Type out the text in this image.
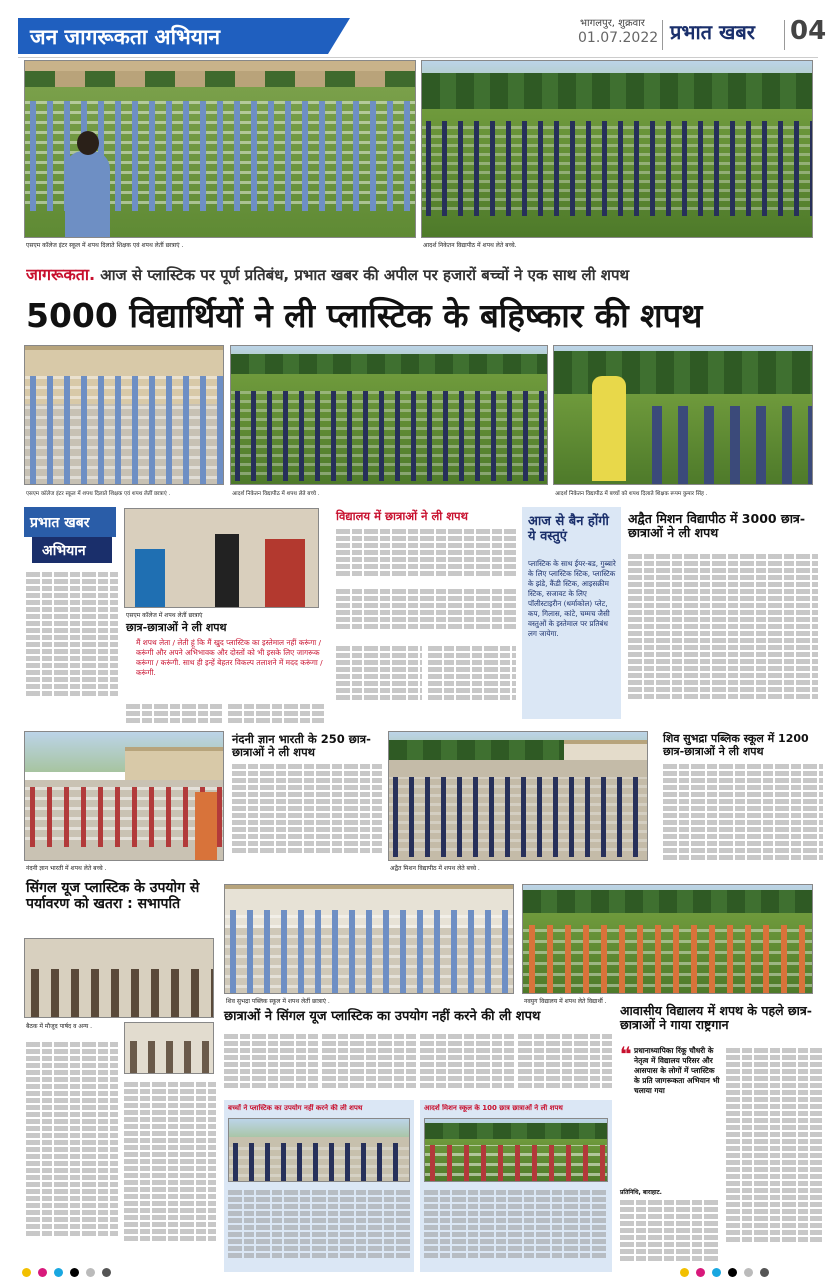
जन जागरूकता अभियान
भागलपुर, शुक्रवार
01.07.2022 प्रभात खबर 04
एसएम कॉलेज इंटर स्कूल में शपथ दिलाते शिक्षक एवं शपथ लेतीं छात्राएं .	आदर्श निकेतन विद्यापीठ में शपथ लेते बच्चे.
जागरूकता. आज से प्लास्टिक पर पूर्ण प्रतिबंध, प्रभात खबर की अपील पर हजारों बच्चों ने एक साथ ली शपथ
5000 विद्यार्थियों ने ली प्लास्टिक के बहिष्कार की शपथ
एसएम कॉलेज इंटर स्कूल में शपथ दिलाते शिक्षक एवं शपथ लेतीं छात्राएं .	आदर्श निकेतन विद्यापीठ में शपथ लेते बच्चे .	आदर्श निकेतन विद्यापीठ में बच्चों को शपथ दिलाते शिक्षक रूपम कुमार सिंह .
प्रभात खबर
अभियान
एसएम कॉलेज में शपथ लेतीं छात्राएं
छात्र-छात्राओं ने ली शपथ
मैं शपथ लेता / लेती हूं कि मैं खुद प्लास्टिक का इस्तेमाल नहीं करूंगा / करूंगी और अपने अभिभावक और दोस्तों को भी इसके लिए जागरूक करूंगा / करूंगी. साथ ही इन्हें बेहतर विकल्प तलाशने में मदद करूंगा / करूंगी.
विद्यालय में छात्राओं ने ली शपथ	आज से बैन होंगी ये वस्तुएं
प्लास्टिक के साथ ईयर-बड, गुब्बारे के लिए प्लास्टिक स्टिक, प्लास्टिक के झंडे, कैंडी स्टिक, आइसक्रीम स्टिक, सजावट के लिए पॉलीस्टाइरीन (थर्माकोल) प्लेट, कप, गिलास, कांटे, चम्मच जैसी वस्तुओं के इस्तेमाल पर प्रतिबंध लग जायेगा.
अद्वैत मिशन विद्यापीठ में 3000 छात्र-छात्राओं ने ली शपथ
नंदनी ज्ञान भारती में शपथ लेते बच्चे .
नंदनी ज्ञान भारती के 250 छात्र-छात्राओं ने ली शपथ
अद्वैत मिशन विद्यापीठ में शपथ लेते बच्चे .
शिव सुभद्रा पब्लिक स्कूल में 1200 छात्र-छात्राओं ने ली शपथ
सिंगल यूज प्लास्टिक के उपयोग से पर्यावरण को खतरा : सभापति
बैठक में मौजूद पार्षद व अन्य .
शिव सुभद्रा पब्लिक स्कूल में शपथ लेतीं छात्राएं .	नवयुग विद्यालय में शपथ लेते विद्यार्थी .
छात्राओं ने सिंगल यूज प्लास्टिक का उपयोग नहीं करने की ली शपथ
बच्चों ने प्लास्टिक का उपयोग नहीं करने की ली शपथ	आदर्श मिशन स्कूल के 100 छात्र छात्राओं ने ली शपथ
आवासीय विद्यालय में शपथ के पहले छात्र-छात्राओं ने गाया राष्ट्रगान
❝ प्रधानाध्यापिका रिंकू चौधरी के नेतृत्व में विद्यालय परिसर और आसपास के लोगों में प्लास्टिक के प्रति जागरूकता अभियान भी चलाया गया
प्रतिनिधि, बाराहाट.
